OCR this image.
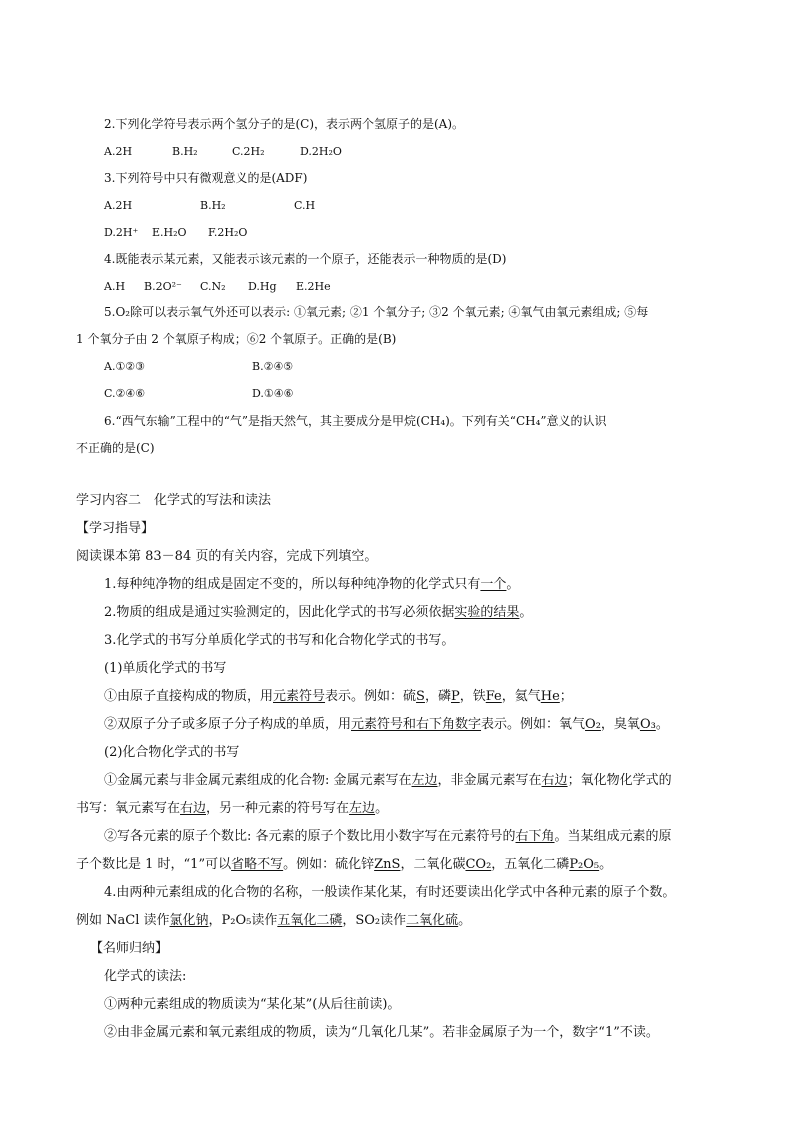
2.下列化学符号表示两个氢分子的是(C)，表示两个氢原子的是(A)。
A.2H	B.H₂	C.2H₂	D.2H₂O
3.下列符号中只有微观意义的是(ADF)
A.2H	B.H₂	C.H
D.2H⁺ E.H₂O F.2H₂O
4.既能表示某元素，又能表示该元素的一个原子，还能表示一种物质的是(D)
A.H B.2O²⁻ C.N₂ D.Hg E.2He
5.O₂除可以表示氧气外还可以表示: ①氧元素; ②1 个氧分子; ③2 个氧元素; ④氧气由氧元素组成; ⑤每
1 个氧分子由 2 个氧原子构成；⑥2 个氧原子。正确的是(B)
A.①②③	B.②④⑤
C.②④⑥	D.①④⑥
6.“西气东输”工程中的“气”是指天然气，其主要成分是甲烷(CH₄)。下列有关“CH₄”意义的认识
不正确的是(C)
学习内容二　化学式的写法和读法
【学习指导】
阅读课本第 83－84 页的有关内容，完成下列填空。
1.每种纯净物的组成是固定不变的，所以每种纯净物的化学式只有一个。
2.物质的组成是通过实验测定的，因此化学式的书写必须依据实验的结果。
3.化学式的书写分单质化学式的书写和化合物化学式的书写。
(1)单质化学式的书写
①由原子直接构成的物质，用元素符号表示。例如：硫S，磷P，铁Fe，氦气He；
②双原子分子或多原子分子构成的单质，用元素符号和右下角数字表示。例如：氧气O₂，臭氧O₃。
(2)化合物化学式的书写
①金属元素与非金属元素组成的化合物: 金属元素写在左边，非金属元素写在右边；氧化物化学式的
书写：氧元素写在右边，另一种元素的符号写在左边。
②写各元素的原子个数比: 各元素的原子个数比用小数字写在元素符号的右下角。当某组成元素的原
子个数比是 1 时，“1”可以省略不写。例如：硫化锌ZnS，二氧化碳CO₂，五氧化二磷P₂O₅。
4.由两种元素组成的化合物的名称，一般读作某化某，有时还要读出化学式中各种元素的原子个数。
例如 NaCl 读作氯化钠，P₂O₅读作五氧化二磷，SO₂读作二氧化硫。
【名师归纳】
化学式的读法:
①两种元素组成的物质读为“某化某”(从后往前读)。
②由非金属元素和氧元素组成的物质，读为“几氧化几某”。若非金属原子为一个，数字“1”不读。
